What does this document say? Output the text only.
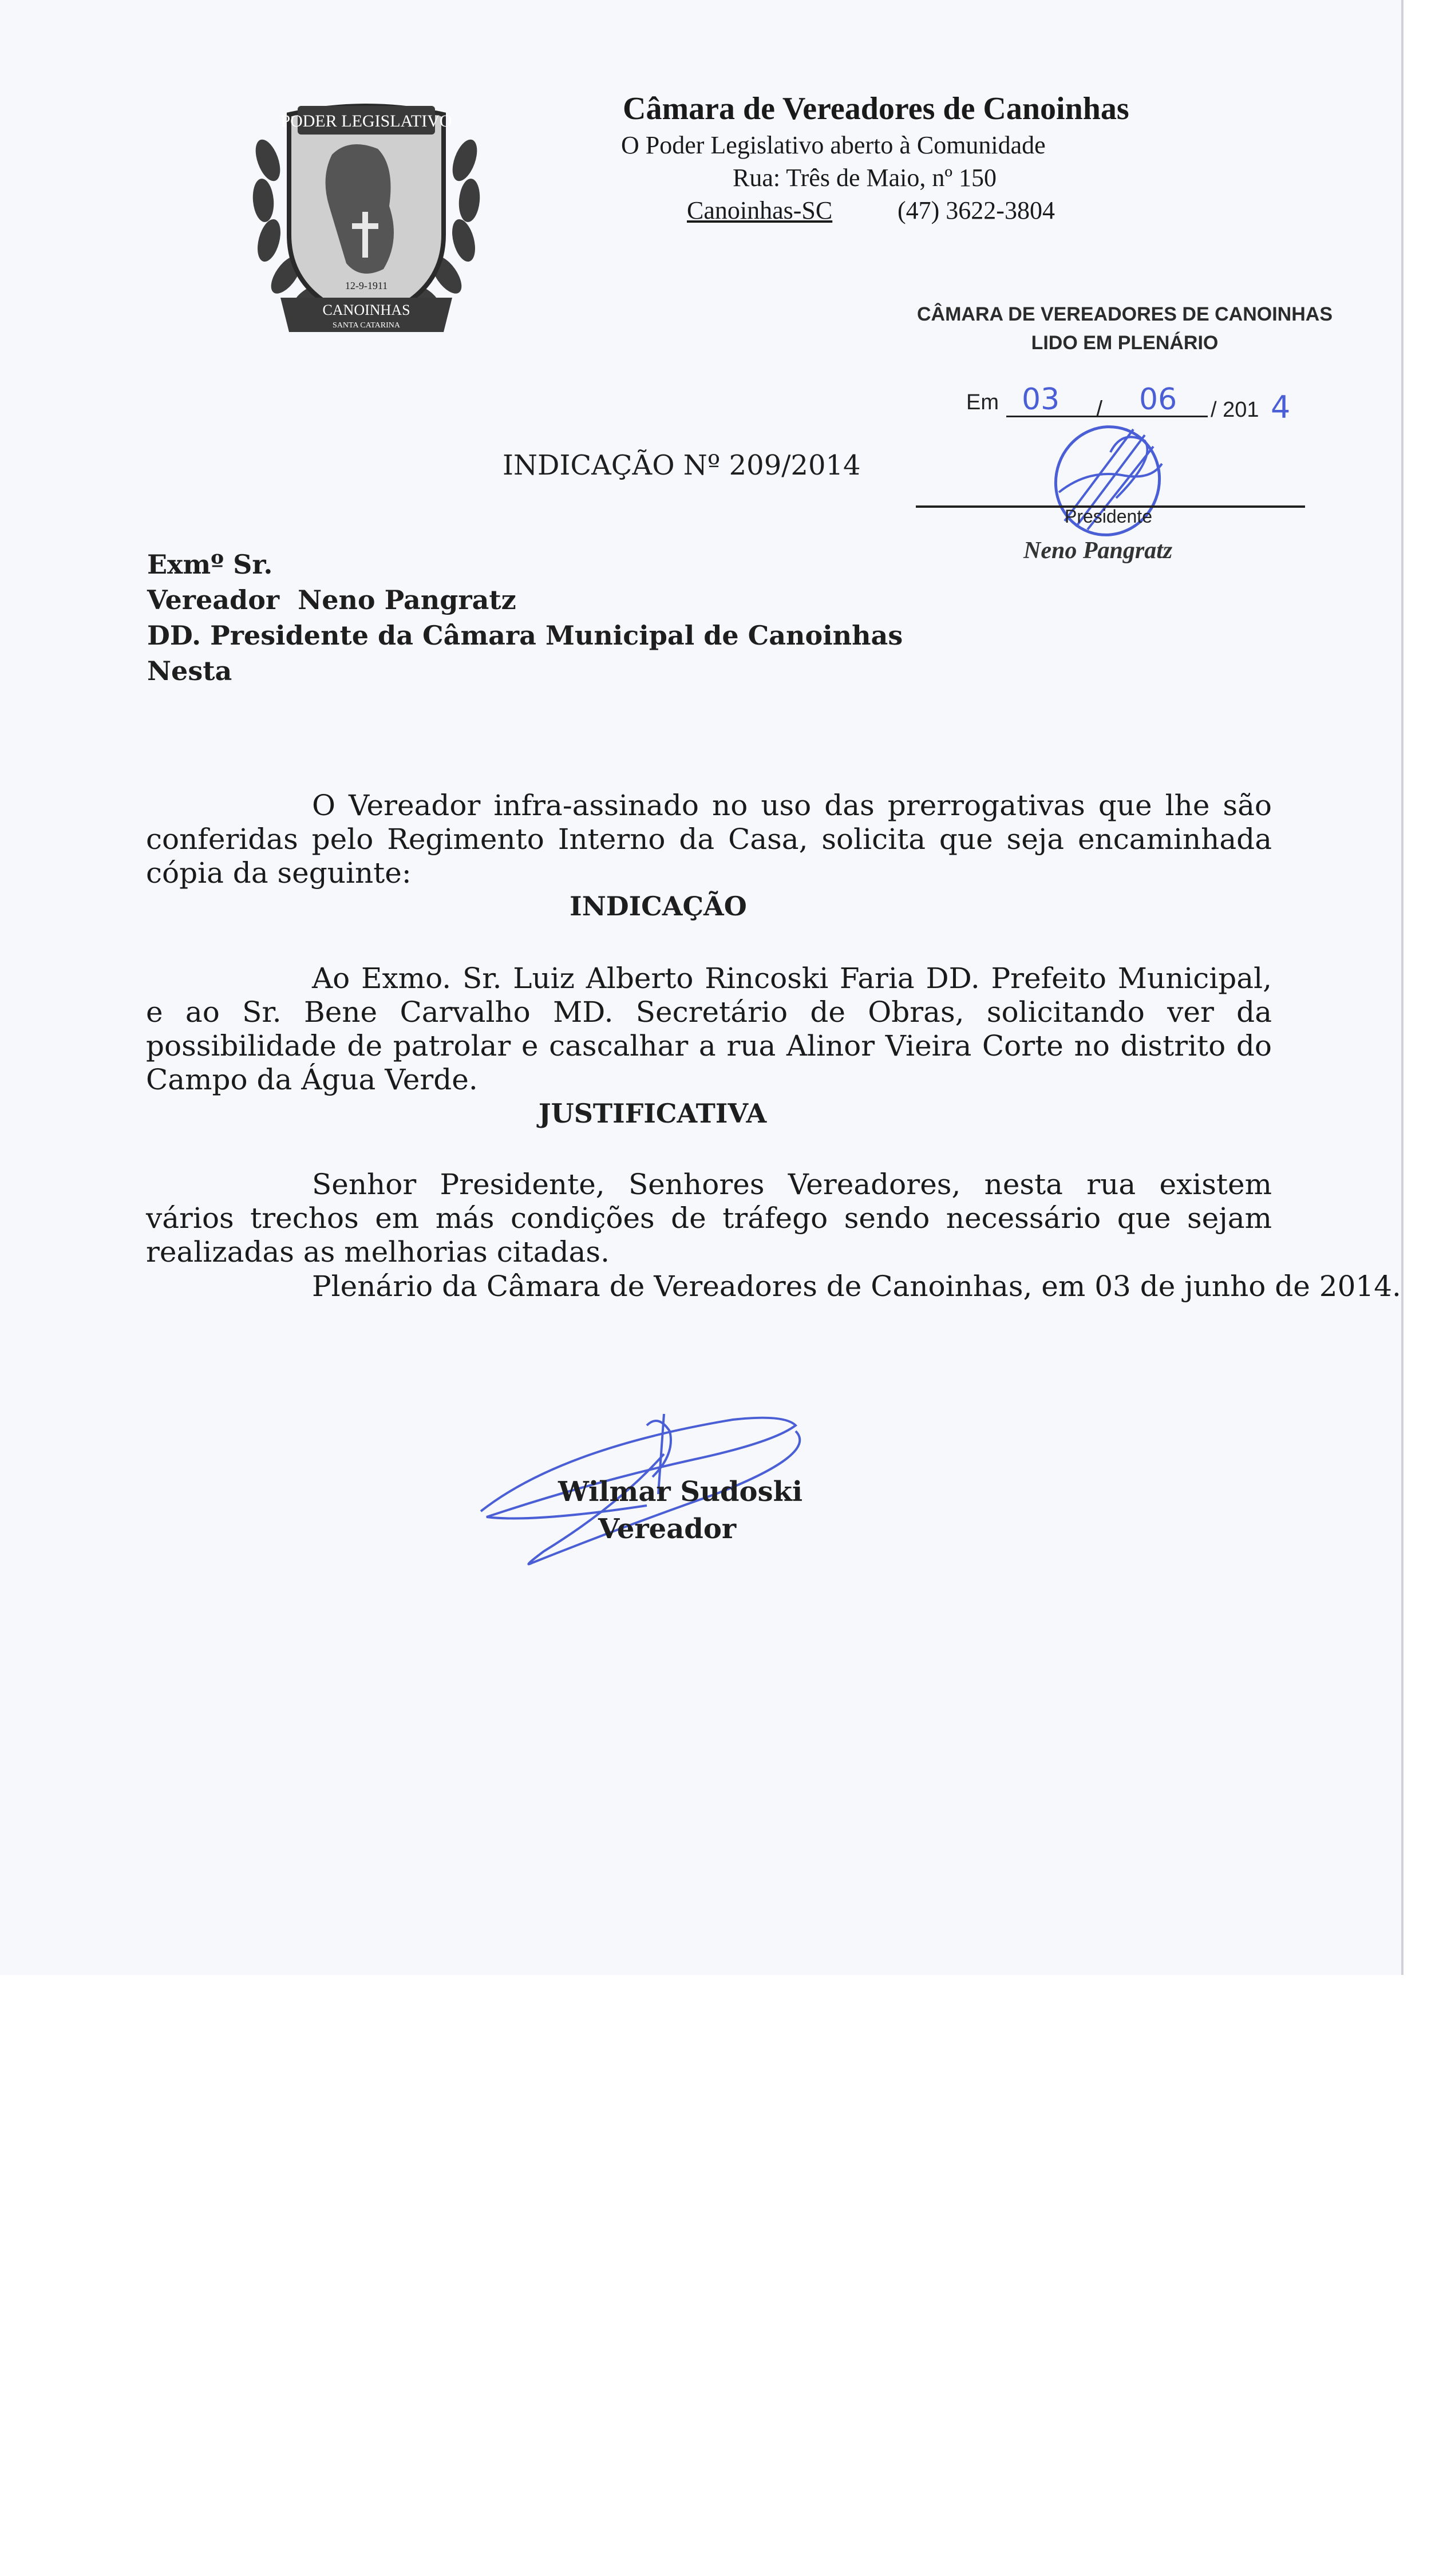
PODER LEGISLATIVO
12-9-1911
CANOINHAS
SANTA CATARINA
Câmara de Vereadores de Canoinhas
O Poder Legislativo aberto à Comunidade
Rua: Três de Maio, nº 150
Canoinhas-SC	(47) 3622-3804
CÂMARA DE VEREADORES DE CANOINHAS
LIDO EM PLENÁRIO
Em 03 / 06 / 201 4
Presidente
Neno Pangratz
INDICAÇÃO Nº 209/2014
Exmº Sr.
Vereador  Neno Pangratz
DD. Presidente da Câmara Municipal de Canoinhas
Nesta
O Vereador infra-assinado no uso das prerrogativas que lhe são conferidas pelo Regimento Interno da Casa, solicita que seja encaminhada cópia da seguinte:
INDICAÇÃO
Ao Exmo. Sr. Luiz Alberto Rincoski Faria DD. Prefeito Municipal, e ao Sr. Bene Carvalho MD. Secretário de Obras, solicitando ver da possibilidade de patrolar e cascalhar a rua Alinor Vieira Corte no distrito do Campo da Água Verde.
JUSTIFICATIVA
Senhor Presidente, Senhores Vereadores, nesta rua existem vários trechos em más condições de tráfego sendo necessário que sejam realizadas as melhorias citadas.
Plenário da Câmara de Vereadores de Canoinhas, em 03 de junho de 2014.
Wilmar Sudoski
Vereador
